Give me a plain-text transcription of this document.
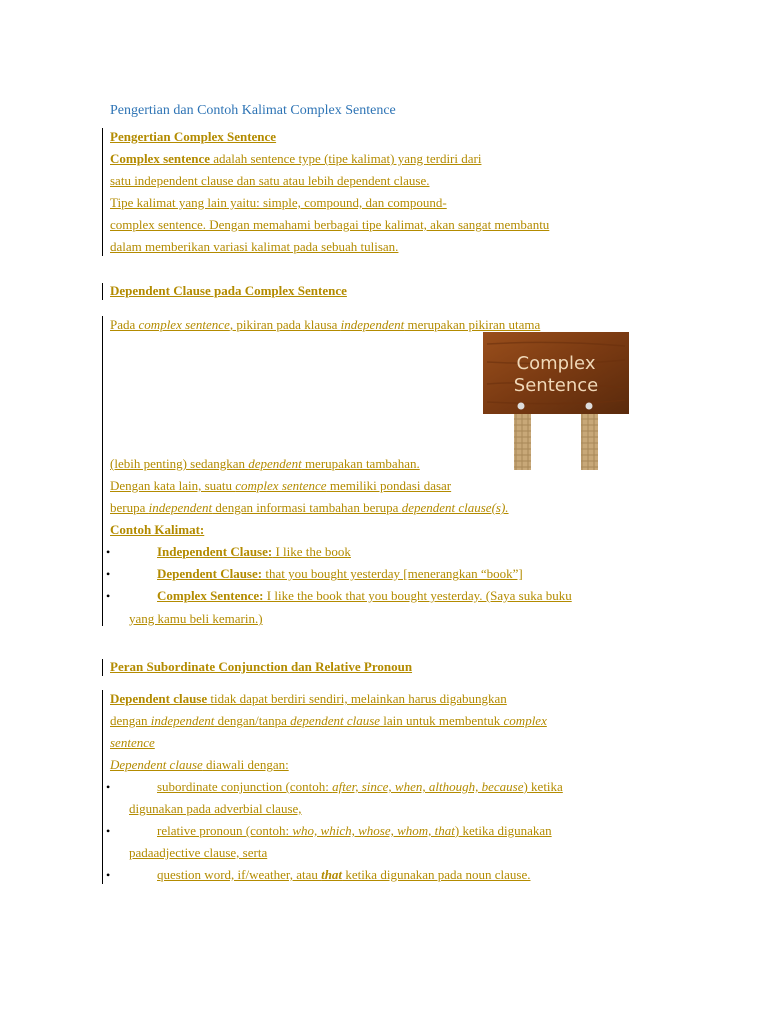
Pengertian dan Contoh Kalimat Complex Sentence
Pengertian Complex Sentence
Complex sentence adalah sentence type (tipe kalimat) yang terdiri dari
satu independent clause dan satu atau lebih dependent clause.
Tipe kalimat yang lain yaitu: simple, compound, dan compound-
complex sentence. Dengan memahami berbagai tipe kalimat, akan sangat membantu
dalam memberikan variasi kalimat pada sebuah tulisan.
Dependent Clause pada Complex Sentence
Pada complex sentence, pikiran pada klausa independent merupakan pikiran utama
(lebih penting) sedangkan dependent merupakan tambahan.
Dengan kata lain, suatu complex sentence memiliki pondasi dasar
berupa independent dengan informasi tambahan berupa dependent clause(s).
Contoh Kalimat:
•	Independent Clause: I like the book
•	Dependent Clause: that you bought yesterday [menerangkan “book”]
•	Complex Sentence: I like the book that you bought yesterday. (Saya suka buku
yang kamu beli kemarin.)
Complex
Sentence
Peran Subordinate Conjunction dan Relative Pronoun
Dependent clause tidak dapat berdiri sendiri, melainkan harus digabungkan
dengan independent dengan/tanpa dependent clause lain untuk membentuk complex
sentence
Dependent clause diawali dengan:
•	subordinate conjunction (contoh: after, since, when, although, because) ketika
digunakan pada adverbial clause,
•	relative pronoun (contoh: who, which, whose, whom, that) ketika digunakan
padaadjective clause, serta
•	question word, if/weather, atau that ketika digunakan pada noun clause.
